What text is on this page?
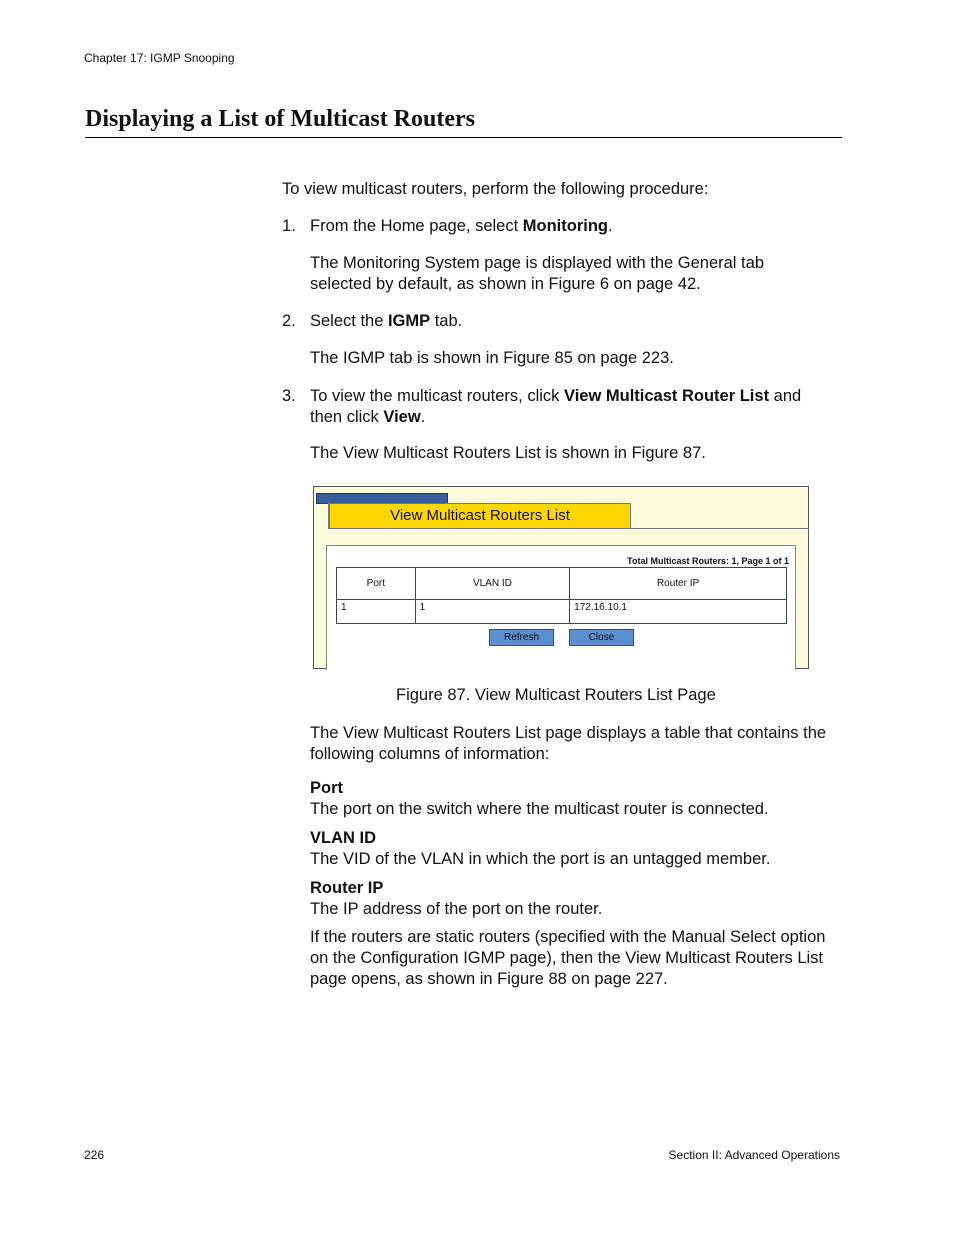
Chapter 17: IGMP Snooping
Displaying a List of Multicast Routers
To view multicast routers, perform the following procedure:
1. From the Home page, select Monitoring.
The Monitoring System page is displayed with the General tab
selected by default, as shown in Figure 6 on page 42.
2. Select the IGMP tab.
The IGMP tab is shown in Figure 85 on page 223.
3. To view the multicast routers, click View Multicast Router List and
then click View.
The View Multicast Routers List is shown in Figure 87.
View Multicast Routers List
Total Multicast Routers: 1, Page 1 of 1
Port	VLAN ID	Router IP
1	1	172.16.10.1
Refresh	Close
Figure 87. View Multicast Routers List Page
The View Multicast Routers List page displays a table that contains the
following columns of information:
Port
The port on the switch where the multicast router is connected.
VLAN ID
The VID of the VLAN in which the port is an untagged member.
Router IP
The IP address of the port on the router.
If the routers are static routers (specified with the Manual Select option
on the Configuration IGMP page), then the View Multicast Routers List
page opens, as shown in Figure 88 on page 227.
226	Section II: Advanced Operations
